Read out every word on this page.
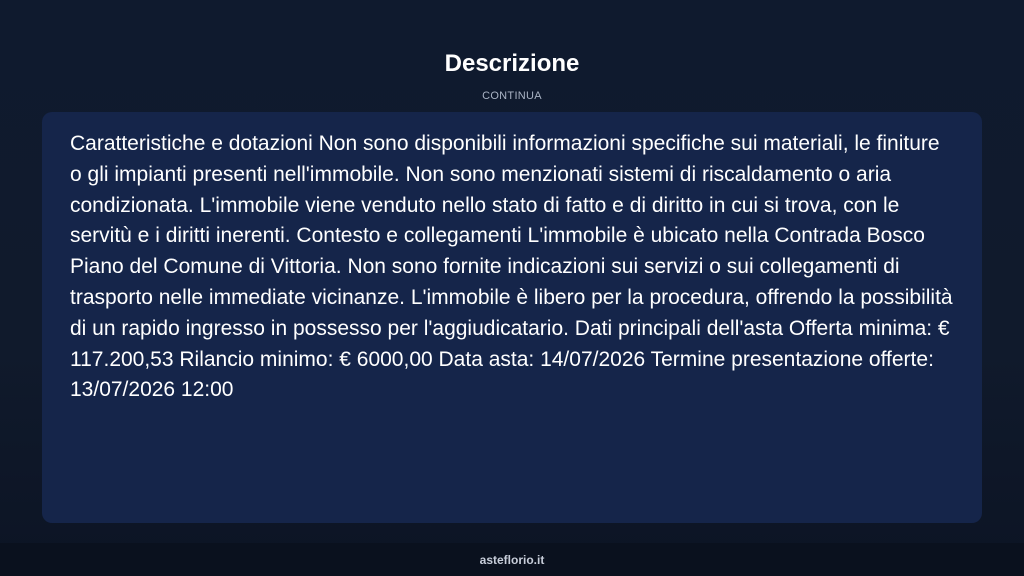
Descrizione
CONTINUA

Caratteristiche e dotazioni Non sono disponibili informazioni specifiche sui materiali, le finiture o gli impianti presenti nell'immobile. Non sono menzionati sistemi di riscaldamento o aria condizionata. L'immobile viene venduto nello stato di fatto e di diritto in cui si trova, con le servitù e i diritti inerenti. Contesto e collegamenti L'immobile è ubicato nella Contrada Bosco Piano del Comune di Vittoria. Non sono fornite indicazioni sui servizi o sui collegamenti di trasporto nelle immediate vicinanze. L'immobile è libero per la procedura, offrendo la possibilità di un rapido ingresso in possesso per l'aggiudicatario. Dati principali dell'asta Offerta minima: € 117.200,53 Rilancio minimo: € 6000,00 Data asta: 14/07/2026 Termine presentazione offerte: 13/07/2026 12:00

asteflorio.it
